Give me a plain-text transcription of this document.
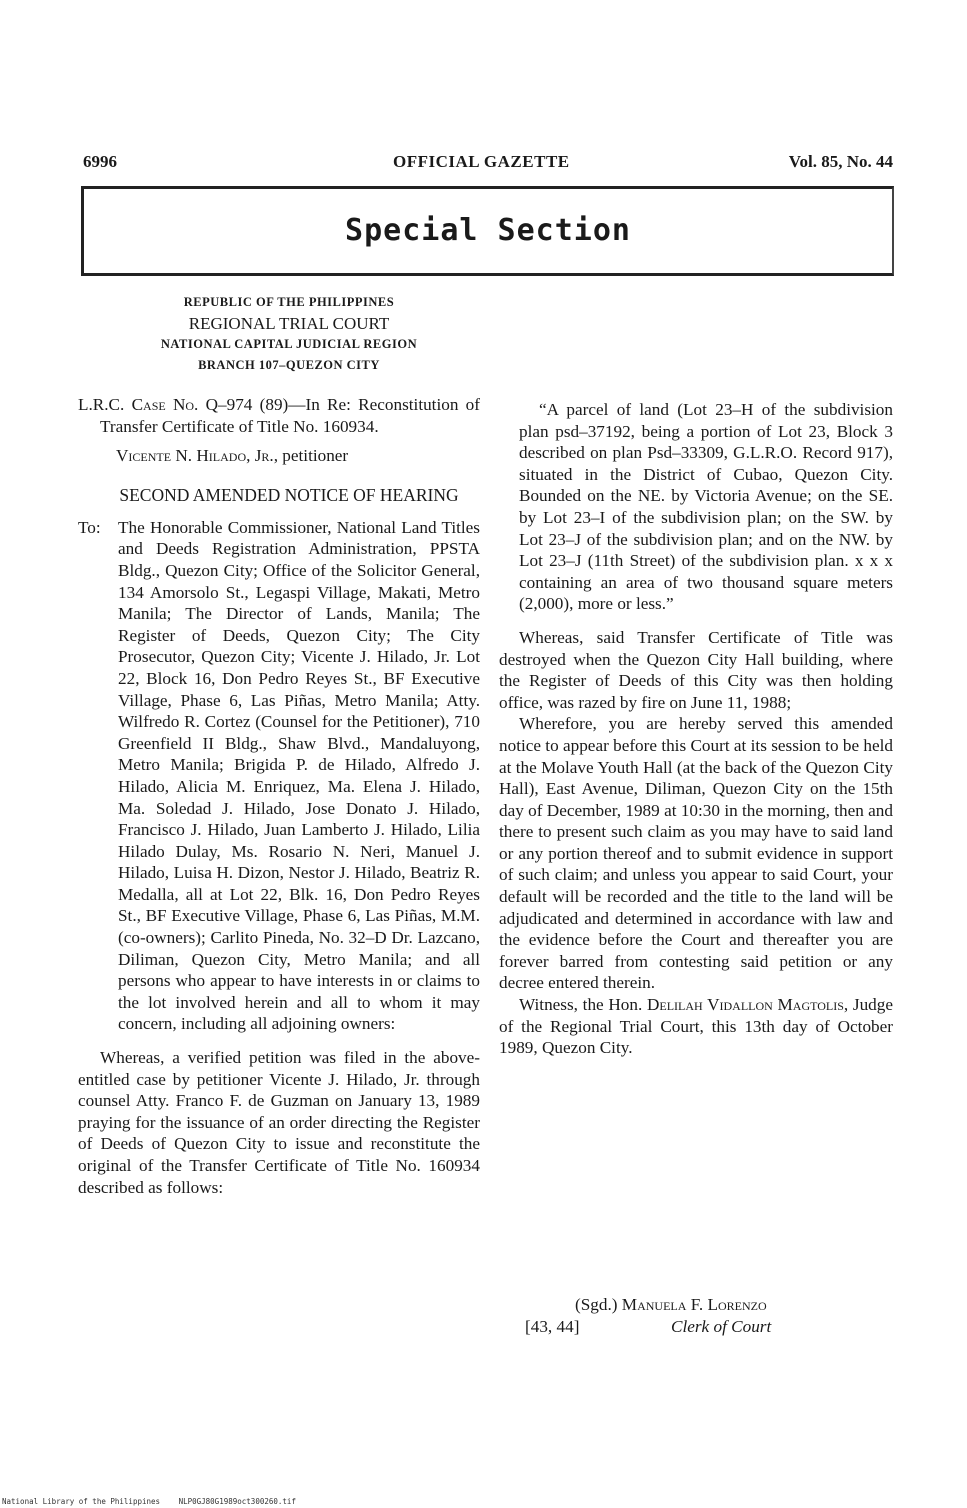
6996	OFFICIAL GAZETTE	Vol. 85, No. 44
Special Section
REPUBLIC OF THE PHILIPPINES
REGIONAL TRIAL COURT
NATIONAL CAPITAL JUDICIAL REGION
BRANCH 107–QUEZON CITY
L.R.C. Case No. Q–974 (89)—In Re: Reconstitution of Transfer Certificate of Title No. 160934.
Vicente N. Hilado, Jr., petitioner
SECOND AMENDED NOTICE OF HEARING
To: The Honorable Commissioner, National Land Titles and Deeds Registration Administration, PPSTA Bldg., Quezon City; Office of the Solicitor General, 134 Amorsolo St., Legaspi Village, Makati, Metro Manila; The Director of Lands, Manila; The Register of Deeds, Quezon City; The City Prosecutor, Quezon City; Vicente J. Hilado, Jr. Lot 22, Block 16, Don Pedro Reyes St., BF Executive Village, Phase 6, Las Piñas, Metro Manila; Atty. Wilfredo R. Cortez (Counsel for the Petitioner), 710 Greenfield II Bldg., Shaw Blvd., Mandaluyong, Metro Manila; Brigida P. de Hilado, Alfredo J. Hilado, Alicia M. Enriquez, Ma. Elena J. Hilado, Ma. Soledad J. Hilado, Jose Donato J. Hilado, Francisco J. Hilado, Juan Lamberto J. Hilado, Lilia Hilado Dulay, Ms. Rosario N. Neri, Manuel J. Hilado, Luisa H. Dizon, Nestor J. Hilado, Beatriz R. Medalla, all at Lot 22, Blk. 16, Don Pedro Reyes St., BF Executive Village, Phase 6, Las Piñas, M.M. (co-owners); Carlito Pineda, No. 32–D Dr. Lazcano, Diliman, Quezon City, Metro Manila; and all persons who appear to have interests in or claims to the lot involved herein and all to whom it may concern, including all adjoining owners:

Whereas, a verified petition was filed in the above-entitled case by petitioner Vicente J. Hilado, Jr. through counsel Atty. Franco F. de Guzman on January 13, 1989 praying for the issuance of an order directing the Register of Deeds of Quezon City to issue and reconstitute the original of the Transfer Certificate of Title No. 160934 described as follows:

“A parcel of land (Lot 23–H of the subdivision plan psd–37192, being a portion of Lot 23, Block 3 described on plan Psd–33309, G.L.R.O. Record 917), situated in the District of Cubao, Quezon City. Bounded on the NE. by Victoria Avenue; on the SE. by Lot 23–I of the subdivision plan; on the SW. by Lot 23–J of the subdivision plan; and on the NW. by Lot 23–J (11th Street) of the subdivision plan. x x x containing an area of two thousand square meters (2,000), more or less.”

Whereas, said Transfer Certificate of Title was destroyed when the Quezon City Hall building, where the Register of Deeds of this City was then holding office, was razed by fire on June 11, 1988;

Wherefore, you are hereby served this amended notice to appear before this Court at its session to be held at the Molave Youth Hall (at the back of the Quezon City Hall), East Avenue, Diliman, Quezon City on the 15th day of December, 1989 at 10:30 in the morning, then and there to present such claim as you may have to said land or any portion thereof and to submit evidence in support of such claim; and unless you appear to said Court, your default will be recorded and the title to the land will be adjudicated and determined in accordance with law and the evidence before the Court and thereafter you are forever barred from contesting said petition or any decree entered therein.

Witness, the Hon. Delilah Vidallon Magtolis, Judge of the Regional Trial Court, this 13th day of October 1989, Quezon City.

(Sgd.) Manuela F. Lorenzo
[43, 44]	Clerk of Court
National Library of the Philippines NLP0GJ80G1989oct300260.tif
